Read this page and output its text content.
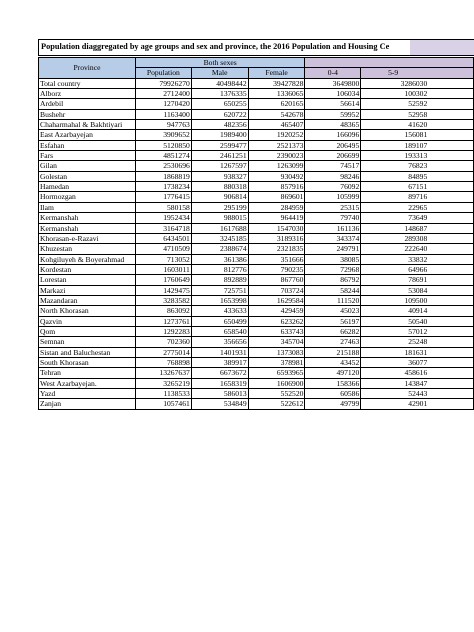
Population diaggregated by age groups and sex and province, the 2016 Population and Housing Ce
Province	Both sexes				
	Population	Male	Female	0-4	5-9
Total country	79926270	40498442	39427828	3649800	3286030

Alborz	2712400	1376335	1336065	106034	100302

Ardebil	1270420	650255	620165	56614	52592

Bushehr	1163400	620722	542678	59952	52958

Chaharmahal & Bakhtiyari	947763	482356	465407	48365	41620

East Azarbayejan	3909652	1989400	1920252	166096	156081

Esfahan	5120850	2599477	2521373	206495	189107

Fars	4851274	2461251	2390023	206699	193313

Gilan	2530696	1267597	1263099	74517	76823

Golestan	1868819	938327	930492	98246	84895

Hamedan	1738234	880318	857916	76092	67151

Hormozgan	1776415	906814	869601	105999	89716

Ilam	580158	295199	284959	25315	22965

Kermanshah	1952434	988015	964419	79740	73649

Kermanshah	3164718	1617688	1547030	161136	148687

Khorasan-e-Razavi	6434501	3245185	3189316	343374	289308

Khuzestan	4710509	2388674	2321835	249791	222640

Kohgiluyeh & Boyerahmad	713052	361386	351666	38085	33832

Kordestan	1603011	812776	790235	72968	64966

Lorestan	1760649	892889	867760	86792	78691

Markazi	1429475	725751	703724	58244	53084

Mazandaran	3283582	1653998	1629584	111520	109500

North Khorasan	863092	433633	429459	45023	40914

Qazvin	1273761	650499	623262	56197	50540

Qom	1292283	658540	633743	66282	57012

Semnan	702360	356656	345704	27463	25248

Sistan and Baluchestan	2775014	1401931	1373083	215188	181631

South Khorasan	768898	389917	378981	43452	36077

Tehran	13267637	6673672	6593965	497120	458616

West Azarbayejan.	3265219	1658319	1606900	158366	143847

Yazd	1138533	586013	552520	60586	52443

Zanjan	1057461	534849	522612	49799	42901
